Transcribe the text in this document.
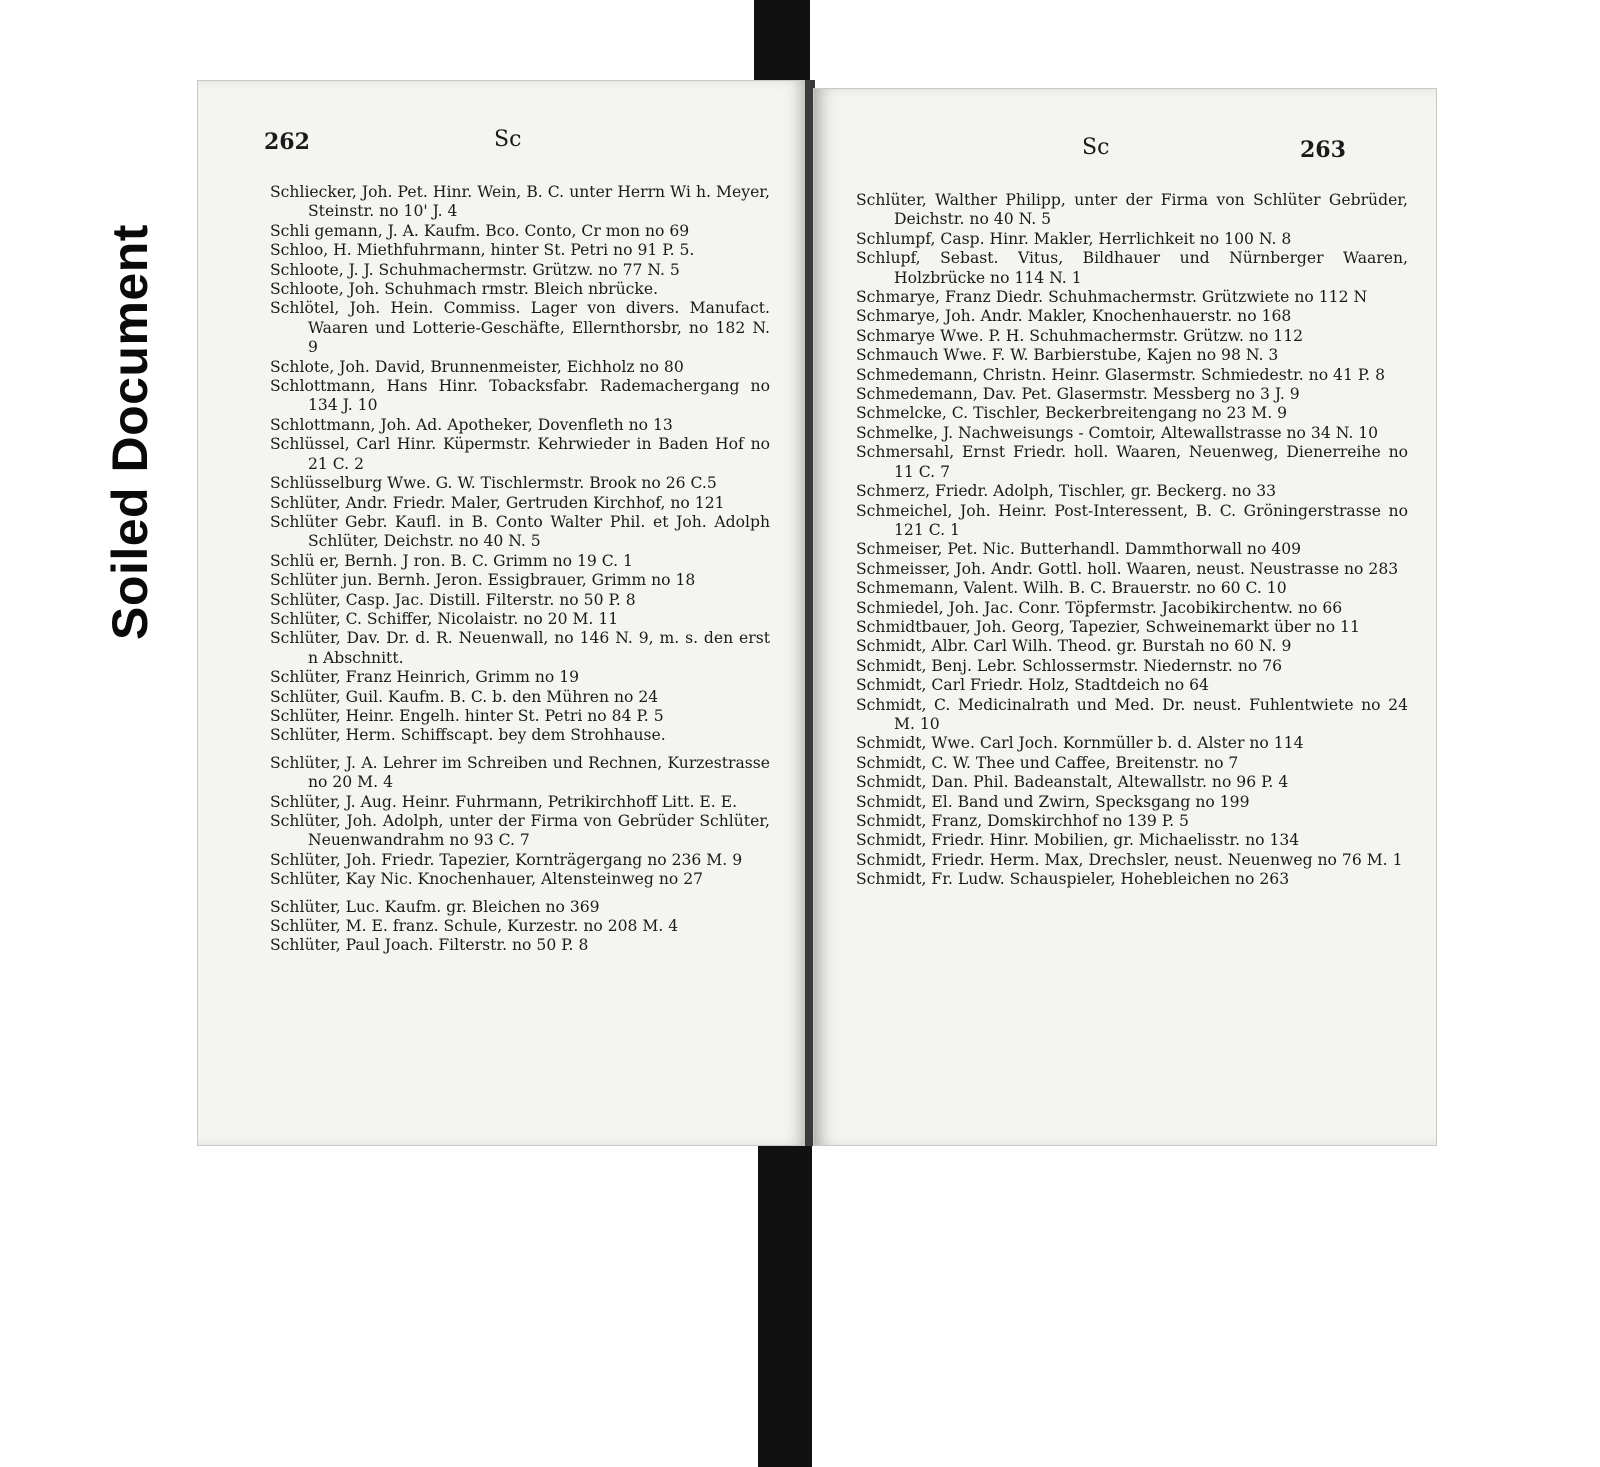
Soiled Document
262	Sc

Schliecker, Joh. Pet. Hinr. Wein, B. C. unter Herrn Wi h. Meyer, Steinstr. no 10' J. 4

Schli gemann, J. A. Kaufm. Bco. Conto, Cr mon no 69

Schloo, H. Miethfuhrmann, hinter St. Petri no 91 P. 5.

Schloote, J. J. Schuhmachermstr. Grützw. no 77 N. 5

Schloote, Joh. Schuhmach rmstr. Bleich nbrücke.

Schlötel, Joh. Hein. Commiss. Lager von divers. Manufact. Waaren und Lotterie-Geschäfte, Ellernthorsbr, no 182 N. 9

Schlote, Joh. David, Brunnenmeister, Eichholz no 80

Schlottmann, Hans Hinr. Tobacksfabr. Rademachergang no 134 J. 10

Schlottmann, Joh. Ad. Apotheker, Dovenfleth no 13

Schlüssel, Carl Hinr. Küpermstr. Kehrwieder in Baden Hof no 21 C. 2

Schlüsselburg Wwe. G. W. Tischlermstr. Brook no 26 C.5

Schlüter, Andr. Friedr. Maler, Gertruden Kirchhof, no 121

Schlüter Gebr. Kaufl. in B. Conto Walter Phil. et Joh. Adolph Schlüter, Deichstr. no 40 N. 5

Schlü er, Bernh. J ron. B. C. Grimm no 19 C. 1

Schlüter jun. Bernh. Jeron. Essigbrauer, Grimm no 18

Schlüter, Casp. Jac. Distill. Filterstr. no 50 P. 8

Schlüter, C. Schiffer, Nicolaistr. no 20 M. 11

Schlüter, Dav. Dr. d. R. Neuenwall, no 146 N. 9, m. s. den erst n Abschnitt.

Schlüter, Franz Heinrich, Grimm no 19

Schlüter, Guil. Kaufm. B. C. b. den Mühren no 24

Schlüter, Heinr. Engelh. hinter St. Petri no 84 P. 5

Schlüter, Herm. Schiffscapt. bey dem Strohhause.

Schlüter, J. A. Lehrer im Schreiben und Rechnen, Kurzestrasse no 20 M. 4

Schlüter, J. Aug. Heinr. Fuhrmann, Petrikirchhoff Litt. E. E.

Schlüter, Joh. Adolph, unter der Firma von Gebrüder Schlüter, Neuenwandrahm no 93 C. 7

Schlüter, Joh. Friedr. Tapezier, Kornträgergang no 236 M. 9

Schlüter, Kay Nic. Knochenhauer, Altensteinweg no 27

Schlüter, Luc. Kaufm. gr. Bleichen no 369

Schlüter, M. E. franz. Schule, Kurzestr. no 208 M. 4

Schlüter, Paul Joach. Filterstr. no 50 P. 8

Sc	263

Schlüter, Walther Philipp, unter der Firma von Schlüter Gebrüder, Deichstr. no 40 N. 5

Schlumpf, Casp. Hinr. Makler, Herrlichkeit no 100 N. 8

Schlupf, Sebast. Vitus, Bildhauer und Nürnberger Waaren, Holzbrücke no 114 N. 1

Schmarye, Franz Diedr. Schuhmachermstr. Grützwiete no 112 N

Schmarye, Joh. Andr. Makler, Knochenhauerstr. no 168

Schmarye Wwe. P. H. Schuhmachermstr. Grützw. no 112

Schmauch Wwe. F. W. Barbierstube, Kajen no 98 N. 3

Schmedemann, Christn. Heinr. Glasermstr. Schmiedestr. no 41 P. 8

Schmedemann, Dav. Pet. Glasermstr. Messberg no 3 J. 9

Schmelcke, C. Tischler, Beckerbreitengang no 23 M. 9

Schmelke, J. Nachweisungs - Comtoir, Altewallstrasse no 34 N. 10

Schmersahl, Ernst Friedr. holl. Waaren, Neuenweg, Dienerreihe no 11 C. 7

Schmerz, Friedr. Adolph, Tischler, gr. Beckerg. no 33

Schmeichel, Joh. Heinr. Post-Interessent, B. C. Gröningerstrasse no 121 C. 1

Schmeiser, Pet. Nic. Butterhandl. Dammthorwall no 409

Schmeisser, Joh. Andr. Gottl. holl. Waaren, neust. Neustrasse no 283

Schmemann, Valent. Wilh. B. C. Brauerstr. no 60 C. 10

Schmiedel, Joh. Jac. Conr. Töpfermstr. Jacobikirchentw. no 66

Schmidtbauer, Joh. Georg, Tapezier, Schweinemarkt über no 11

Schmidt, Albr. Carl Wilh. Theod. gr. Burstah no 60 N. 9

Schmidt, Benj. Lebr. Schlossermstr. Niedernstr. no 76

Schmidt, Carl Friedr. Holz, Stadtdeich no 64

Schmidt, C. Medicinalrath und Med. Dr. neust. Fuhlentwiete no 24 M. 10

Schmidt, Wwe. Carl Joch. Kornmüller b. d. Alster no 114

Schmidt, C. W. Thee und Caffee, Breitenstr. no 7

Schmidt, Dan. Phil. Badeanstalt, Altewallstr. no 96 P. 4

Schmidt, El. Band und Zwirn, Specksgang no 199

Schmidt, Franz, Domskirchhof no 139 P. 5

Schmidt, Friedr. Hinr. Mobilien, gr. Michaelisstr. no 134

Schmidt, Friedr. Herm. Max, Drechsler, neust. Neuenweg no 76 M. 1

Schmidt, Fr. Ludw. Schauspieler, Hohebleichen no 263
